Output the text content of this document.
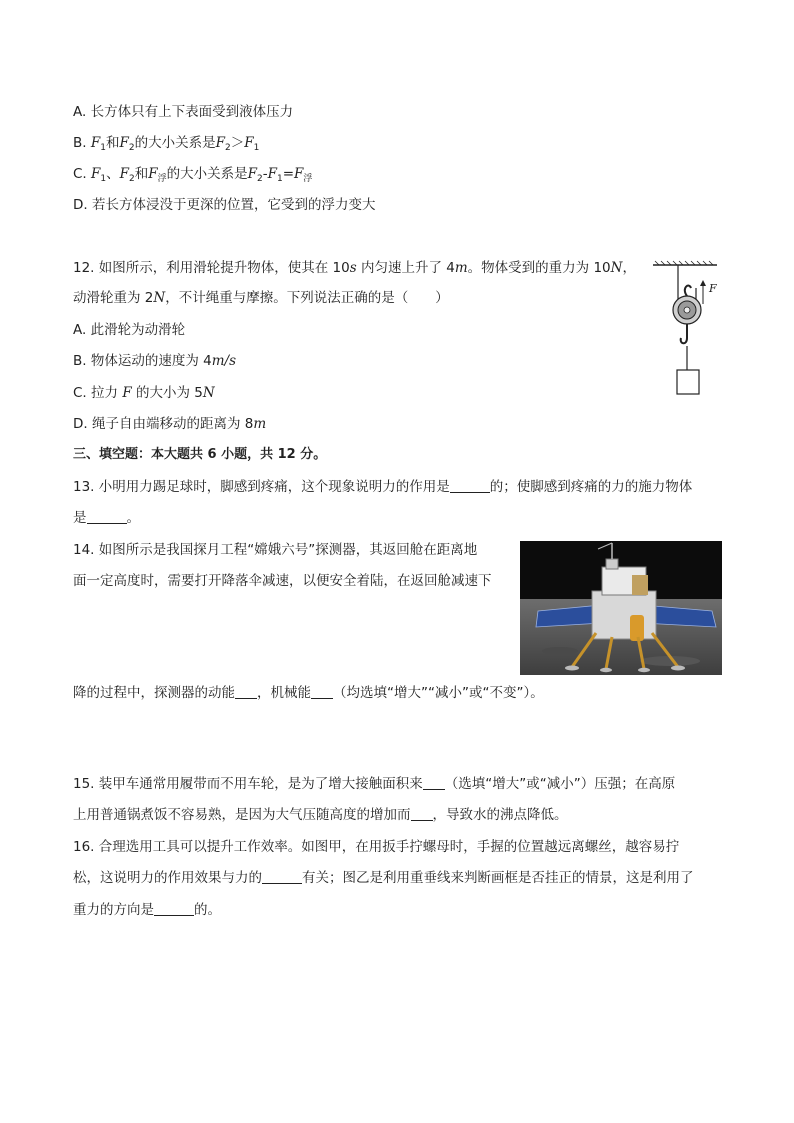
A. 长方体只有上下表面受到液体压力
B. $F_1$和$F_2$的大小关系是$F_2>F_1$
C. $F_1$、$F_2$和$F_浮$的大小关系是$F_2-F_1=F_浮$
D. 若长方体浸没于更深的位置，它受到的浮力变大
12. 如图所示，利用滑轮提升物体，使其在 10s 内匀速上升了 4m。物体受到的重力为 10N，
动滑轮重为 2N，不计绳重与摩擦。下列说法正确的是（　　）
A. 此滑轮为动滑轮
B. 物体运动的速度为 4m/s
C. 拉力 F 的大小为 5N
D. 绳子自由端移动的距离为 8m
F
三、填空题：本大题共 6 小题，共 12 分。
13. 小明用力踢足球时，脚感到疼痛，这个现象说明力的作用是	的；使脚感到疼痛的力的施力物体
是	。
14. 如图所示是我国探月工程“嫦娥六号”探测器，其返回舱在距离地
面一定高度时，需要打开降落伞减速，以便安全着陆，在返回舱减速下
降的过程中，探测器的动能 ，机械能 （均选填“增大”“减小”或“不变”）。
15. 装甲车通常用履带而不用车轮，是为了增大接触面积来 （选填“增大”或“减小”）压强；在高原
上用普通锅煮饭不容易熟，是因为大气压随高度的增加而 ，导致水的沸点降低。
16. 合理选用工具可以提升工作效率。如图甲，在用扳手拧螺母时，手握的位置越远离螺丝，越容易拧
松，这说明力的作用效果与力的	有关；图乙是利用重垂线来判断画框是否挂正的情景，这是利用了
重力的方向是	的。
